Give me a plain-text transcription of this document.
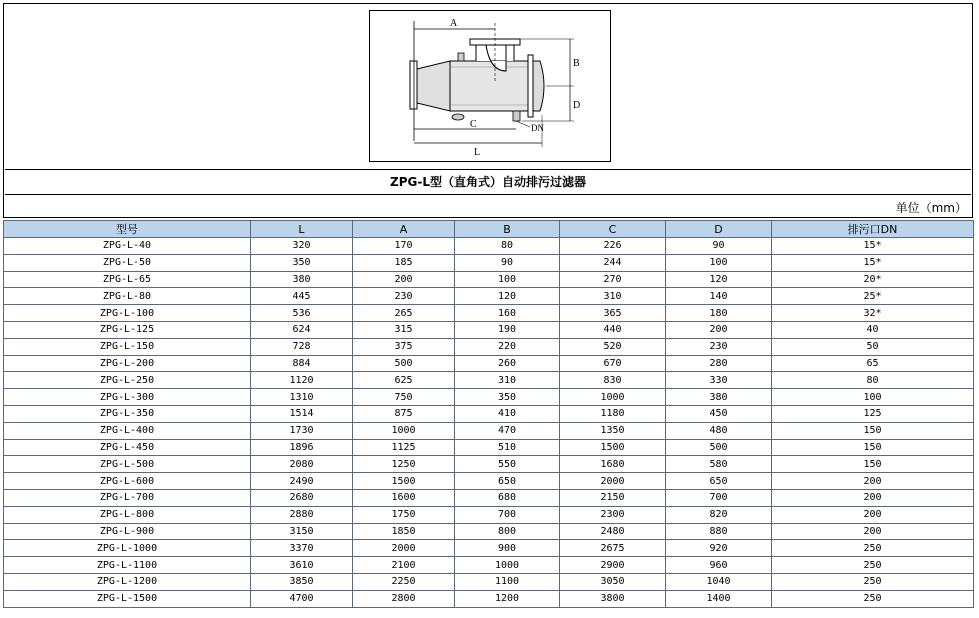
A
B
D
C	DN
L
ZPG-L型（直角式）自动排污过滤器
单位（mm）
型号	L	A	B	C	D	排污口DN
ZPG-L-40	320	170	80	226	90	15*
ZPG-L-50	350	185	90	244	100	15*
ZPG-L-65	380	200	100	270	120	20*
ZPG-L-80	445	230	120	310	140	25*
ZPG-L-100	536	265	160	365	180	32*
ZPG-L-125	624	315	190	440	200	40
ZPG-L-150	728	375	220	520	230	50
ZPG-L-200	884	500	260	670	280	65
ZPG-L-250	1120	625	310	830	330	80
ZPG-L-300	1310	750	350	1000	380	100
ZPG-L-350	1514	875	410	1180	450	125
ZPG-L-400	1730	1000	470	1350	480	150
ZPG-L-450	1896	1125	510	1500	500	150
ZPG-L-500	2080	1250	550	1680	580	150
ZPG-L-600	2490	1500	650	2000	650	200
ZPG-L-700	2680	1600	680	2150	700	200
ZPG-L-800	2880	1750	700	2300	820	200
ZPG-L-900	3150	1850	800	2480	880	200
ZPG-L-1000	3370	2000	900	2675	920	250
ZPG-L-1100	3610	2100	1000	2900	960	250
ZPG-L-1200	3850	2250	1100	3050	1040	250
ZPG-L-1500	4700	2800	1200	3800	1400	250
